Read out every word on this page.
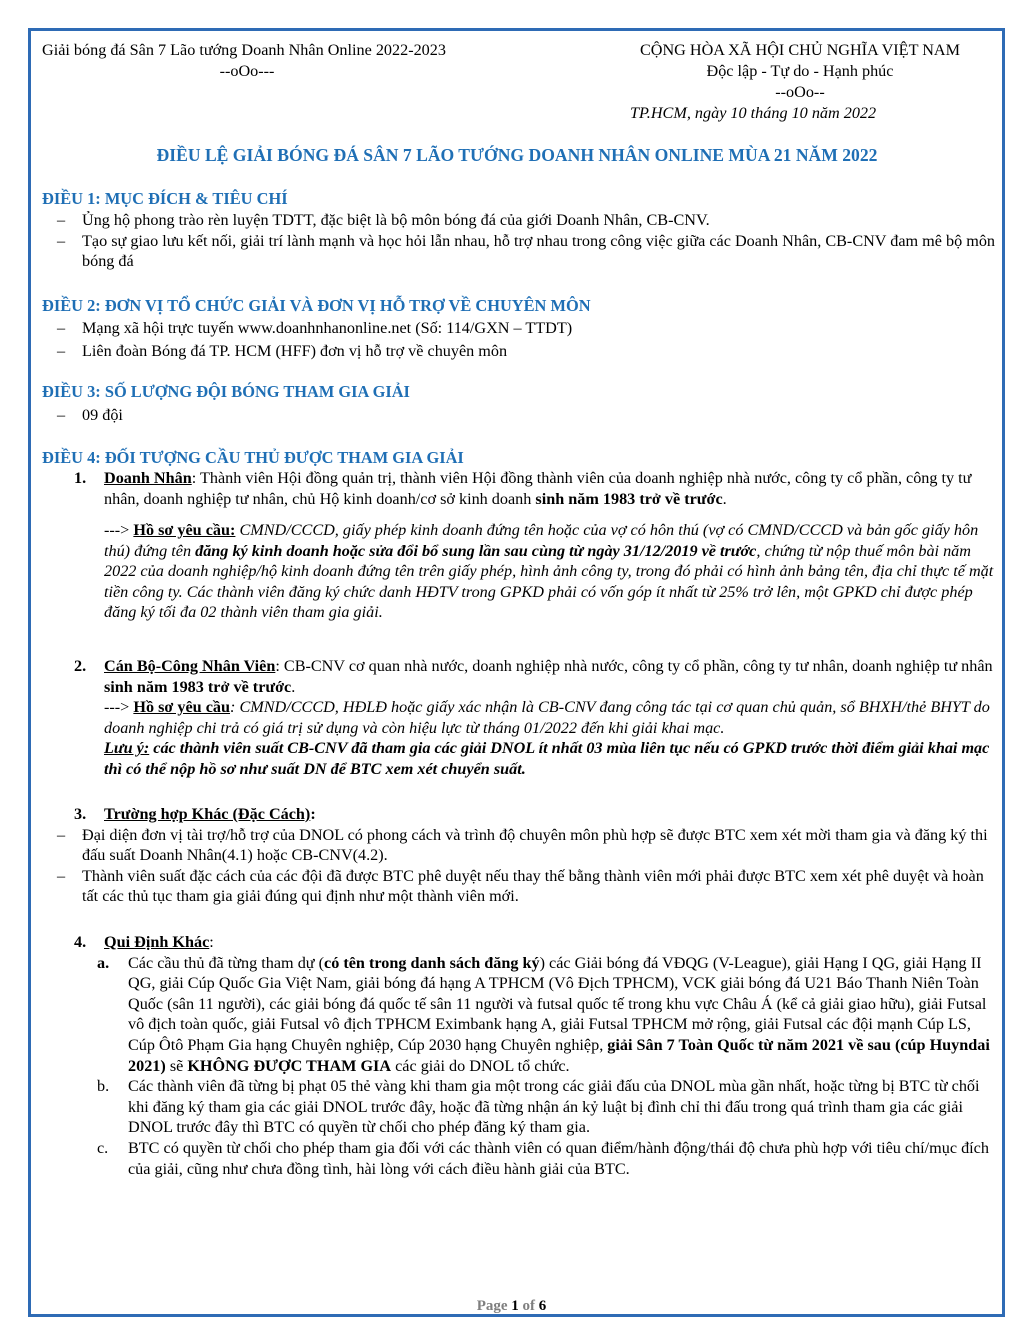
Giải bóng đá Sân 7 Lão tướng Doanh Nhân Online 2022-2023
--oOo---
CỘNG HÒA XÃ HỘI CHỦ NGHĨA VIỆT NAM
Độc lập - Tự do - Hạnh phúc
--oOo--
TP.HCM, ngày 10 tháng 10 năm 2022
ĐIỀU LỆ GIẢI BÓNG ĐÁ SÂN 7 LÃO TƯỚNG DOANH NHÂN ONLINE MÙA 21 NĂM 2022
ĐIỀU 1: MỤC ĐÍCH & TIÊU CHÍ

– Ủng hộ phong trào rèn luyện TDTT, đặc biệt là bộ môn bóng đá của giới Doanh Nhân, CB-CNV.

– Tạo sự giao lưu kết nối, giải trí lành mạnh và học hỏi lẫn nhau, hỗ trợ nhau trong công việc giữa các Doanh Nhân, CB-CNV đam mê bộ môn bóng đá

ĐIỀU 2: ĐƠN VỊ TỔ CHỨC GIẢI VÀ ĐƠN VỊ HỖ TRỢ VỀ CHUYÊN MÔN

– Mạng xã hội trực tuyến www.doanhnhanonline.net (Số: 114/GXN – TTDT)

– Liên đoàn Bóng đá TP. HCM (HFF) đơn vị hỗ trợ về chuyên môn

ĐIỀU 3: SỐ LƯỢNG ĐỘI BÓNG THAM GIA GIẢI

– 09 đội

ĐIỀU 4: ĐỐI TƯỢNG CẦU THỦ ĐƯỢC THAM GIA GIẢI

1. Doanh Nhân: Thành viên Hội đồng quản trị, thành viên Hội đồng thành viên của doanh nghiệp nhà nước, công ty cổ phần, công ty tư nhân, doanh nghiệp tư nhân, chủ Hộ kinh doanh/cơ sở kinh doanh sinh năm 1983 trở về trước.

---> Hồ sơ yêu cầu: CMND/CCCD, giấy phép kinh doanh đứng tên hoặc của vợ có hôn thú (vợ có CMND/CCCD và bản gốc giấy hôn thú) đứng tên đăng ký kinh doanh hoặc sửa đổi bổ sung lần sau cùng từ ngày 31/12/2019 về trước, chứng từ nộp thuế môn bài năm 2022 của doanh nghiệp/hộ kinh doanh đứng tên trên giấy phép, hình ảnh công ty, trong đó phải có hình ảnh bảng tên, địa chỉ thực tế mặt tiền công ty. Các thành viên đăng ký chức danh HĐTV trong GPKD phải có vốn góp ít nhất từ 25% trở lên, một GPKD chỉ được phép đăng ký tối đa 02 thành viên tham gia giải.

2. Cán Bộ-Công Nhân Viên: CB-CNV cơ quan nhà nước, doanh nghiệp nhà nước, công ty cổ phần, công ty tư nhân, doanh nghiệp tư nhân sinh năm 1983 trở về trước.

---> Hồ sơ yêu cầu: CMND/CCCD, HĐLĐ hoặc giấy xác nhận là CB-CNV đang công tác tại cơ quan chủ quản, sổ BHXH/thẻ BHYT do doanh nghiệp chi trả có giá trị sử dụng và còn hiệu lực từ tháng 01/2022 đến khi giải khai mạc.

Lưu ý: các thành viên suất CB-CNV đã tham gia các giải DNOL ít nhất 03 mùa liên tục nếu có GPKD trước thời điểm giải khai mạc thì có thể nộp hồ sơ như suất DN để BTC xem xét chuyển suất.

3. Trường hợp Khác (Đặc Cách):

– Đại diện đơn vị tài trợ/hỗ trợ của DNOL có phong cách và trình độ chuyên môn phù hợp sẽ được BTC xem xét mời tham gia và đăng ký thi đấu suất Doanh Nhân(4.1) hoặc CB-CNV(4.2).

– Thành viên suất đặc cách của các đội đã được BTC phê duyệt nếu thay thế bằng thành viên mới phải được BTC xem xét phê duyệt và hoàn tất các thủ tục tham gia giải đúng qui định như một thành viên mới.

4. Qui Định Khác:

a. Các cầu thủ đã từng tham dự (có tên trong danh sách đăng ký) các Giải bóng đá VĐQG (V-League), giải Hạng I QG, giải Hạng II QG, giải Cúp Quốc Gia Việt Nam, giải bóng đá hạng A TPHCM (Vô Địch TPHCM), VCK giải bóng đá U21 Báo Thanh Niên Toàn Quốc (sân 11 người), các giải bóng đá quốc tế sân 11 người và futsal quốc tế trong khu vực Châu Á (kể cả giải giao hữu), giải Futsal vô địch toàn quốc, giải Futsal vô địch TPHCM Eximbank hạng A, giải Futsal TPHCM mở rộng, giải Futsal các đội mạnh Cúp LS, Cúp Ôtô Phạm Gia hạng Chuyên nghiệp, Cúp 2030 hạng Chuyên nghiệp, giải Sân 7 Toàn Quốc từ năm 2021 về sau (cúp Huyndai 2021) sẽ KHÔNG ĐƯỢC THAM GIA các giải do DNOL tổ chức.

b. Các thành viên đã từng bị phạt 05 thẻ vàng khi tham gia một trong các giải đấu của DNOL mùa gần nhất, hoặc từng bị BTC từ chối khi đăng ký tham gia các giải DNOL trước đây, hoặc đã từng nhận án kỷ luật bị đình chỉ thi đấu trong quá trình tham gia các giải DNOL trước đây thì BTC có quyền từ chối cho phép đăng ký tham gia.

c. BTC có quyền từ chối cho phép tham gia đối với các thành viên có quan điểm/hành động/thái độ chưa phù hợp với tiêu chí/mục đích của giải, cũng như chưa đồng tình, hài lòng với cách điều hành giải của BTC.

Page 1 of 6
